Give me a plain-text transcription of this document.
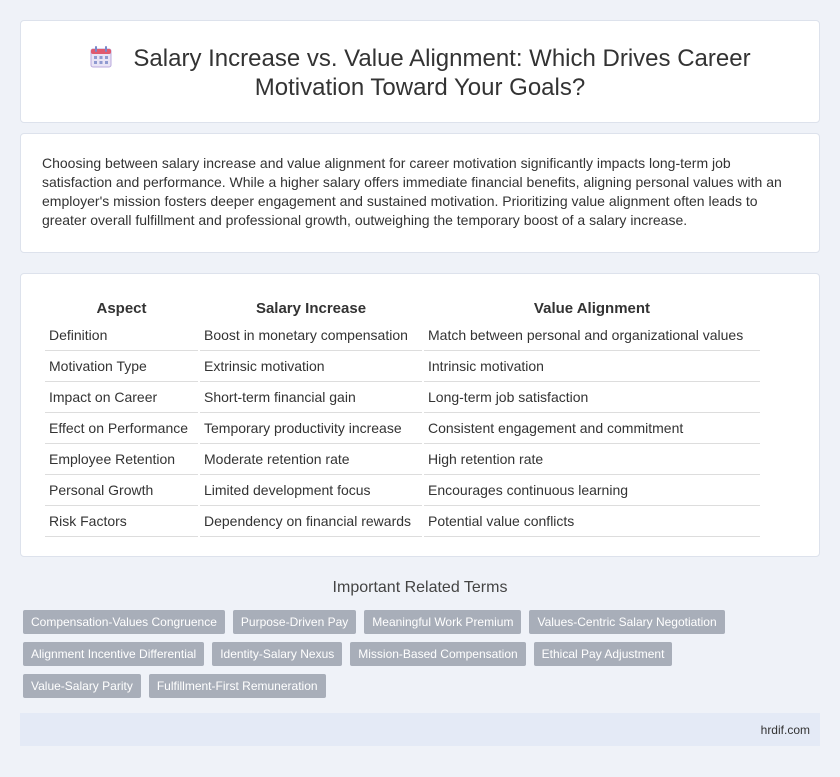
Salary Increase vs. Value Alignment: Which Drives Career
Motivation Toward Your Goals?

Choosing between salary increase and value alignment for career motivation significantly impacts long-term job satisfaction and performance. While a higher salary offers immediate financial benefits, aligning personal values with an employer's mission fosters deeper engagement and sustained motivation. Prioritizing value alignment often leads to greater overall fulfillment and professional growth, outweighing the temporary boost of a salary increase.

Aspect	Salary Increase	Value Alignment
Definition	Boost in monetary compensation	Match between personal and organizational values
Motivation Type	Extrinsic motivation	Intrinsic motivation
Impact on Career	Short-term financial gain	Long-term job satisfaction
Effect on Performance	Temporary productivity increase	Consistent engagement and commitment
Employee Retention	Moderate retention rate	High retention rate
Personal Growth	Limited development focus	Encourages continuous learning
Risk Factors	Dependency on financial rewards	Potential value conflicts
Important Related Terms
Compensation-Values Congruence	Purpose-Driven Pay	Meaningful Work Premium	Values-Centric Salary Negotiation
Alignment Incentive Differential	Identity-Salary Nexus	Mission-Based Compensation	Ethical Pay Adjustment
Value-Salary Parity	Fulfillment-First Remuneration
hrdif.com
